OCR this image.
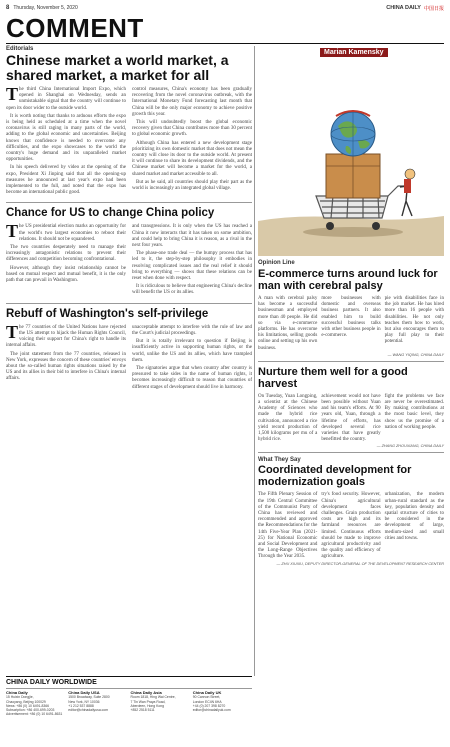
8 Thursday, November 5, 2020	CHINA DAILY 中国日报
COMMENT
Editorials
Chinese market a world market, a shared market, a market for all

The third China International Import Expo, which opened in Shanghai on Wednesday, sends an unmistakable signal that the country will continue to open its door wider to the outside world.

It is worth noting that thanks to arduous efforts the expo is being held as scheduled at a time when the novel coronavirus is still raging in many parts of the world, adding to the global economic and uncertainties. Beijing knows that confidence is needed to overcome any difficulties, and the expo showcases to the world the country's huge demand and its unparalleled market opportunities.

In his speech delivered by video at the opening of the expo, President Xi Jinping said that all the opening-up measures he announced at last year's expo had been implemented to the full, and noted that the expo has become an international public good.

control measures, China's economy has been gradually recovering from the novel coronavirus outbreak, with the International Monetary Fund forecasting last month that China will be the only major economy to achieve positive growth this year.

This will undoubtedly boost the global economic recovery given that China contributes more than 30 percent to global economic growth.

Although China has entered a new development stage prioritizing its own domestic market that does not mean the country will close its door to the outside world. At present it will continue to share its development dividends, and the Chinese market will become a market for the world, a shared market and market accessible to all.

But as he said, all countries should play their part as the world is increasingly an integrated global village.

Chance for US to change China policy

The US presidential election marks an opportunity for the world's two largest economies to reboot their relations. It should not be squandered.

The two countries desperately need to manage their increasingly antagonistic relations to prevent their differences and competition becoming confrontational.

However, although they insist relationship cannot be based on mutual respect and mutual benefit, it is the only path that can prevail in Washington.

and transgressions. It is only when the US has reached a China it now interacts that it has taken on some ambition, and could help to bring China it is reason, as a rival in the next four years.

The phase-one trade deal — the bumpy process that has led to it, the step-by-step philosophy it embodies in resolving complicated issues and the real relief it should bring to everything — shows that these relations can be reset when done with respect.

It is ridiculous to believe that engineering China's decline will benefit the US or its allies.

Rebuff of Washington's self-privilege

The 77 countries of the United Nations have rejected the US attempt to hijack the Human Rights Council, voicing their support for China's right to handle its internal affairs.

The joint statement from the 77 countries, released in New York, expresses the concern of these countries' envoys about the so-called human rights situations raised by the US and its allies in their bid to interfere in China's internal affairs.

unacceptable attempt to interfere with the rule of law and the Court's judicial proceedings.

But it is totally irrelevant to question if Beijing is insufficiently active in supporting human rights, or the world, unlike the US and its allies, which have trampled them.

The signatories argue that when country after country is pressured to take sides in the name of human rights, it becomes increasingly difficult to reason that countries of different stages of development should live in harmony.

CHINA DAILY WORLDWIDE
China Daily
15 Huixin Dongjie,
Chaoyang, Beijing 100029
News: +86 (0) 10 6491-8366
Subscription: +86 400-699-0203
Advertisement: +86 (0) 10 6491-8631
China Daily USA
1500 Broadway, Suite 2800
New York, NY 10036
+1 212 537 8888
editor@chinadailyusa.com
China Daily Asia
Room 1818, Hing Wai Centre,
7 Tin Wan Praya Road,
Aberdeen, Hong Kong
+852 2518 5111
China Daily UK
90 Cannon Street,
London EC4N 6HA
+44 (0) 207 398 8270
editor@chinadailyuk.com
Marian Kamensky
Opinion Line
E-commerce turns around luck for man with cerebral palsy
A man with cerebral palsy has become a successful businessman and employed more than 40 people. He did so via e-commerce platforms. He has overcome his limitations, selling goods online and setting up his own business.
more businesses with domestic and overseas business partners. It also enabled him to build successful business talks with other business people in e-commerce.
pie with disabilities face in the job market. He has hired more than 16 people with disabilities. He not only teaches them how to work, but also encourages them to play full play to their potential.
— WANG YIQING, CHINA DAILY
Nurture them well for a good harvest
On Tuesday, Yuan Longping, a scientist at the Chinese Academy of Sciences who made the hybrid rice cultivation, announced a rice yield record production of 1,500 kilograms per mu of a hybrid rice.
achievement would not have been possible without Yuan and his team's efforts. At 90 years old, Yuan, through a lifetime of efforts, has developed several rice varieties that have greatly benefitted the country.
fight the problems we face are never be overestimated. By making contributions at the most basic level, they show us the promise of a nation of working people.
— ZHANG ZHOUXIANG, CHINA DAILY
What They Say
Coordinated development for modernization goals
The Fifth Plenary Session of the 19th Central Committee of the Communist Party of China has reviewed and recommended and approved the Recommendations for the 14th Five-Year Plan (2021-25) for National Economic and Social Development and the Long-Range Objectives Through the Year 2035.
try's food security. However, China's agricultural development faces challenges. Grain production costs are high and its farmland resources are limited. Continuous efforts should be made to improve agricultural productivity and the quality and efficiency of agriculture.
urbanization, the modern urban-rural standard as the key, population density and spatial structure of cities to be considered in the development of large, medium-sized and small cities and towns.
— ZHU XIUXIU, DEPUTY DIRECTOR-GENERAL OF THE DEVELOPMENT RESEARCH CENTER
